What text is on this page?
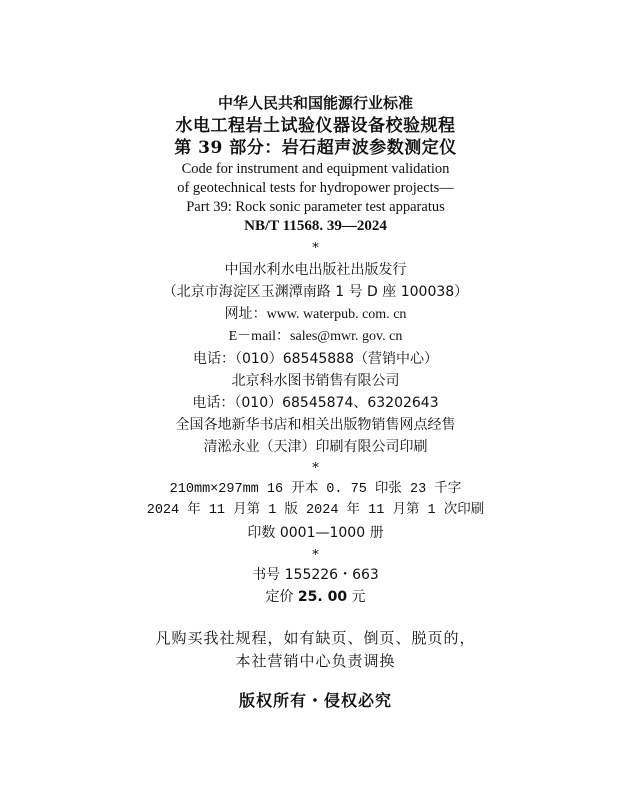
中华人民共和国能源行业标准
水电工程岩土试验仪器设备校验规程
第 39 部分：岩石超声波参数测定仪
Code for instrument and equipment validation
of geotechnical tests for hydropower projects—
Part 39: Rock sonic parameter test apparatus
NB/T 11568. 39—2024
*
中国水利水电出版社出版发行
（北京市海淀区玉渊潭南路 1 号 D 座 100038）
网址：www. waterpub. com. cn
E－mail：sales@mwr. gov. cn
电话：（010）68545888（营销中心）
北京科水图书销售有限公司
电话：（010）68545874、63202643
全国各地新华书店和相关出版物销售网点经售
清淞永业（天津）印刷有限公司印刷
*
210mm×297mm 16 开本 0. 75 印张 23 千字
2024 年 11 月第 1 版 2024 年 11 月第 1 次印刷
印数 0001—1000 册
*
书号 155226・663
定价 25. 00 元
凡购买我社规程，如有缺页、倒页、脱页的，
本社营销中心负责调换
版权所有・侵权必究
